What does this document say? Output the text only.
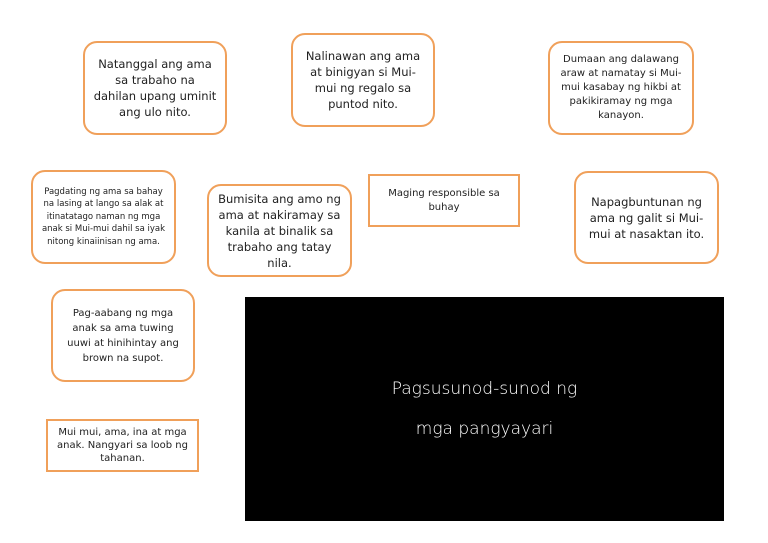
Natanggal ang ama sa trabaho na dahilan upang uminit ang ulo nito.
Nalinawan ang ama at binigyan si Mui-mui ng regalo sa puntod nito.
Dumaan ang dalawang araw at namatay si Mui-mui kasabay ng hikbi at pakikiramay ng mga kanayon.
Pagdating ng ama sa bahay na lasing at lango sa alak at itinatatago naman ng mga anak si Mui-mui dahil sa iyak nitong kinaiinisan ng ama.
Bumisita ang amo ng ama at nakiramay sa kanila at binalik sa trabaho ang tatay nila.
Maging responsible sa buhay	Napagbuntunan ng ama ng galit si Mui-mui at nasaktan ito.
Pag-aabang ng mga anak sa ama tuwing uuwi at hinihintay ang brown na supot.
Mui mui, ama, ina at mga anak. Nangyari sa loob ng tahanan.
Pagsusunod-sunod ng
mga pangyayari
